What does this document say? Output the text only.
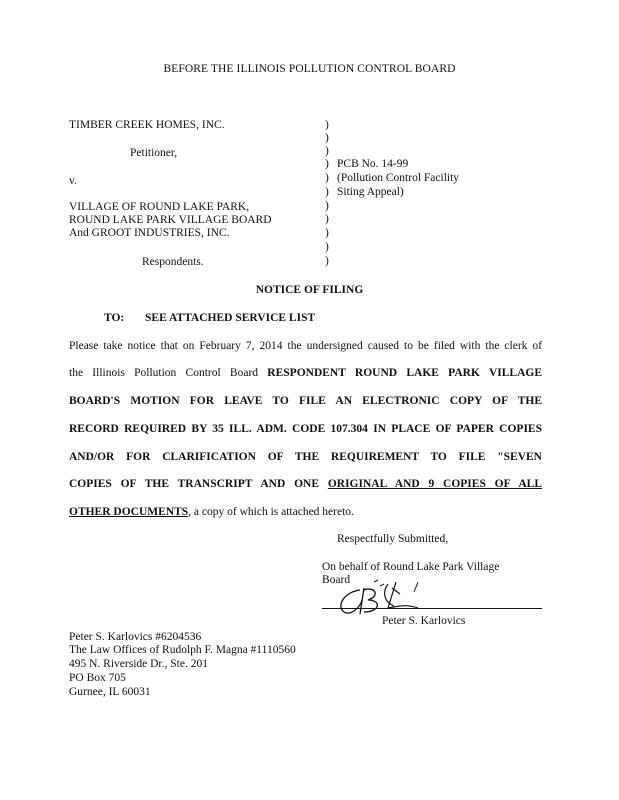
BEFORE THE ILLINOIS POLLUTION CONTROL BOARD
TIMBER CREEK HOMES, INC.
Petitioner,
v.
VILLAGE OF ROUND LAKE PARK,
ROUND LAKE PARK VILLAGE BOARD
And GROOT INDUSTRIES, INC.
Respondents.
)
)
)
)
)
)
)
)
)
)
)
PCB No. 14-99
(Pollution Control Facility
Siting Appeal)
NOTICE OF FILING
TO: SEE ATTACHED SERVICE LIST
Please take notice that on February 7, 2014 the undersigned caused to be filed with the clerk of
the Illinois Pollution Control Board RESPONDENT ROUND LAKE PARK VILLAGE
BOARD'S MOTION FOR LEAVE TO FILE AN ELECTRONIC COPY OF THE
RECORD REQUIRED BY 35 ILL. ADM. CODE 107.304 IN PLACE OF PAPER COPIES
AND/OR FOR CLARIFICATION OF THE REQUIREMENT TO FILE "SEVEN
COPIES OF THE TRANSCRIPT AND ONE ORIGINAL AND 9 COPIES OF ALL
OTHER DOCUMENTS, a copy of which is attached hereto.
Respectfully Submitted,
On behalf of Round Lake Park Village
Board
Peter S. Karlovics
Peter S. Karlovics #6204536
The Law Offices of Rudolph F. Magna #1110560
495 N. Riverside Dr., Ste. 201
PO Box 705
Gurnee, IL 60031
